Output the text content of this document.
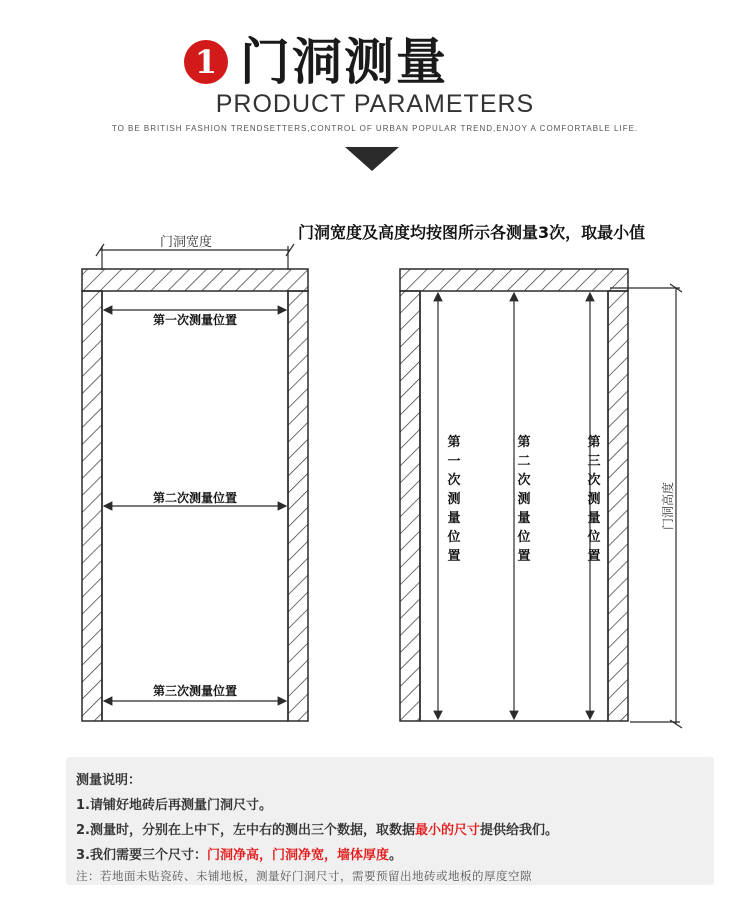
1 门洞测量
PRODUCT PARAMETERS
TO BE BRITISH FASHION TRENDSETTERS,CONTROL OF URBAN POPULAR TREND,ENJOY A COMFORTABLE LIFE.
门洞宽度及高度均按图所示各测量3次，取最小值
门洞宽度
第一次测量位置
第二次测量位置
第三次测量位置
门洞高度
第一次测量位置
第二次测量位置
第三次测量位置
测量说明：
1.请铺好地砖后再测量门洞尺寸。
2.测量时，分别在上中下，左中右的测出三个数据，取数据最小的尺寸提供给我们。
3.我们需要三个尺寸：门洞净高，门洞净宽，墙体厚度。
注：若地面未贴瓷砖、未铺地板，测量好门洞尺寸，需要预留出地砖或地板的厚度空隙
